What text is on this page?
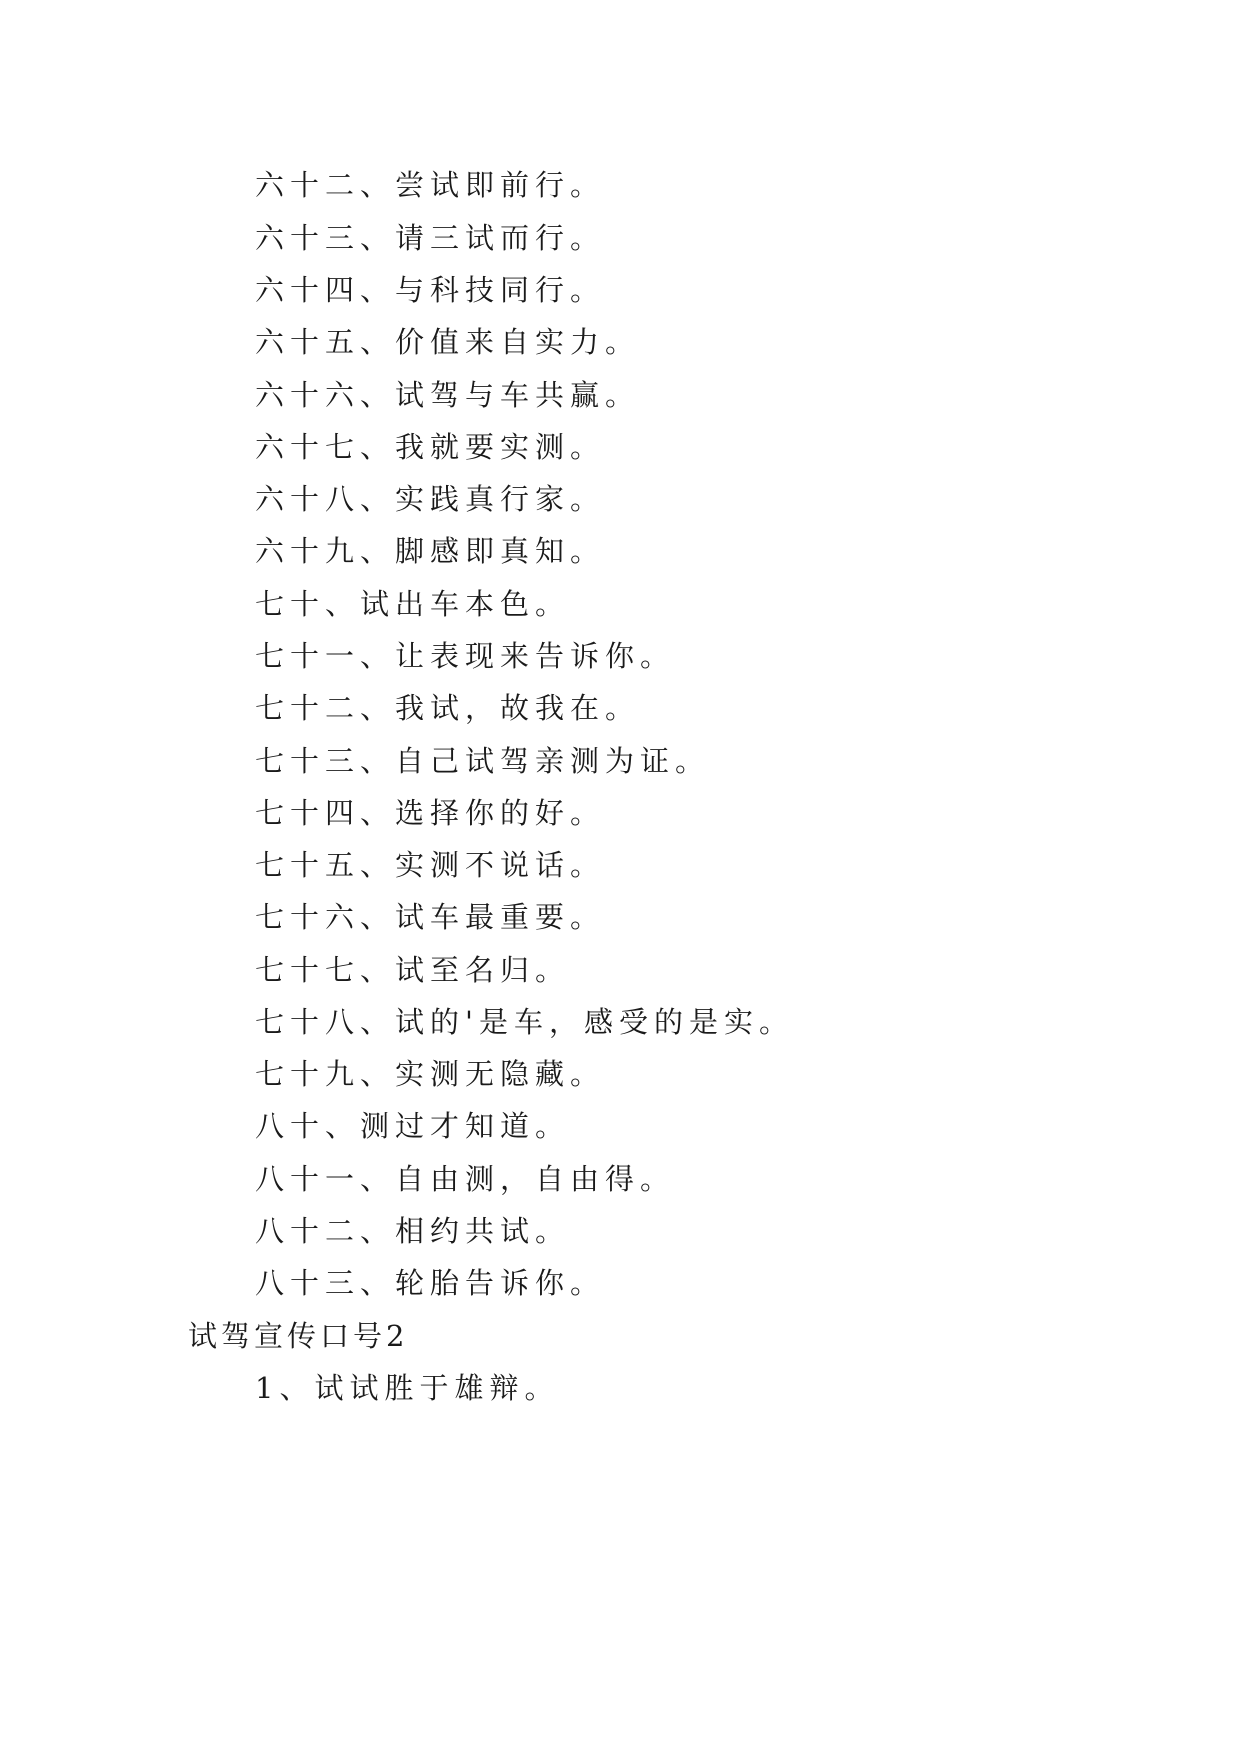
六十二、尝试即前行。
六十三、请三试而行。
六十四、与科技同行。
六十五、价值来自实力。
六十六、试驾与车共赢。
六十七、我就要实测。
六十八、实践真行家。
六十九、脚感即真知。
七十、试出车本色。
七十一、让表现来告诉你。
七十二、我试，故我在。
七十三、自己试驾亲测为证。
七十四、选择你的好。
七十五、实测不说话。
七十六、试车最重要。
七十七、试至名归。
七十八、试的'是车，感受的是实。
七十九、实测无隐藏。
八十、测过才知道。
八十一、自由测，自由得。
八十二、相约共试。
八十三、轮胎告诉你。
试驾宣传口号2
1、试试胜于雄辩。
